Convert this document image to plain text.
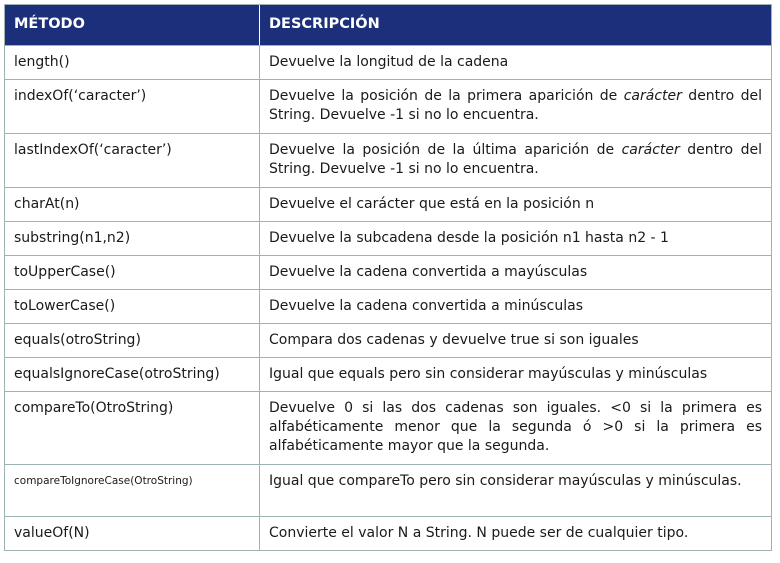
MÉTODO	DESCRIPCIÓN
length()	Devuelve la longitud de la cadena
indexOf(‘caracter’)	Devuelve la posición de la primera aparición de carácter dentro del String. Devuelve -1 si no lo encuentra.
lastIndexOf(‘caracter’)	Devuelve la posición de la última aparición de carácter dentro del String. Devuelve -1 si no lo encuentra.
charAt(n)	Devuelve el carácter que está en la posición n
substring(n1,n2)	Devuelve la subcadena desde la posición n1 hasta n2 - 1
toUpperCase()	Devuelve la cadena convertida a mayúsculas
toLowerCase()	Devuelve la cadena convertida a minúsculas
equals(otroString)	Compara dos cadenas y devuelve true si son iguales
equalsIgnoreCase(otroString)	Igual que equals pero sin considerar mayúsculas y minúsculas
compareTo(OtroString)	Devuelve 0 si las dos cadenas son iguales. <0 si la primera es alfabéticamente menor que la segunda ó >0 si la primera es alfabéticamente mayor que la segunda.
compareToIgnoreCase(OtroString)	Igual que compareTo pero sin considerar mayúsculas y minúsculas.
valueOf(N)	Convierte el valor N a String. N puede ser de cualquier tipo.
